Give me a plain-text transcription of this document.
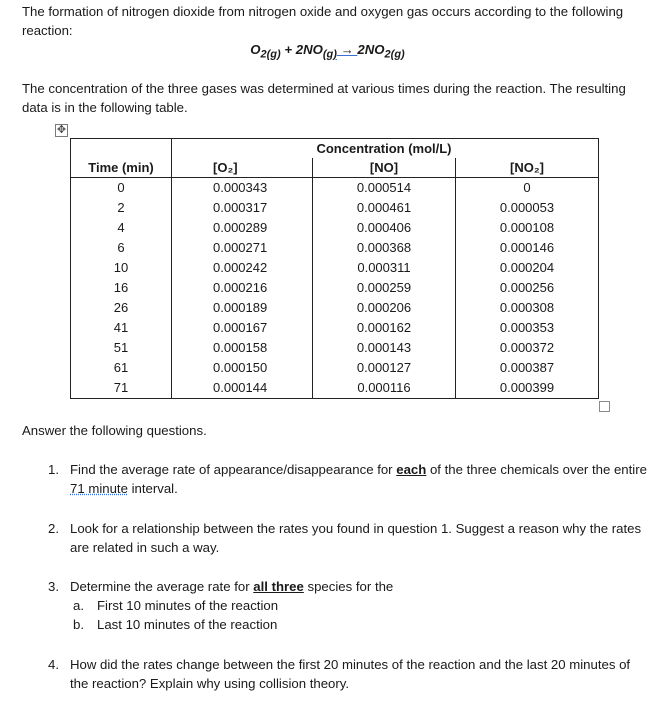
The formation of nitrogen dioxide from nitrogen oxide and oxygen gas occurs according to the following reaction:
$O_{2(g)} + 2NO_{(g)} \to 2NO_{2(g)}$
The concentration of the three gases was determined at various times during the reaction. The resulting data is in the following table.
✥
		Concentration (mol/L)	
Time (min)	[O₂]	[NO]	[NO₂]
0	0.000343	0.000514	0
2	0.000317	0.000461	0.000053
4	0.000289	0.000406	0.000108
6	0.000271	0.000368	0.000146
10	0.000242	0.000311	0.000204
16	0.000216	0.000259	0.000256
26	0.000189	0.000206	0.000308
41	0.000167	0.000162	0.000353
51	0.000158	0.000143	0.000372
61	0.000150	0.000127	0.000387
71	0.000144	0.000116	0.000399
Answer the following questions.
1. Find the average rate of appearance/disappearance for each of the three chemicals over the entire 71 minute interval.
2. Look for a relationship between the rates you found in question 1. Suggest a reason why the rates are related in such a way.
3. Determine the average rate for all three species for the
a. First 10 minutes of the reaction
b. Last 10 minutes of the reaction
4. How did the rates change between the first 20 minutes of the reaction and the last 20 minutes of the reaction? Explain why using collision theory.
